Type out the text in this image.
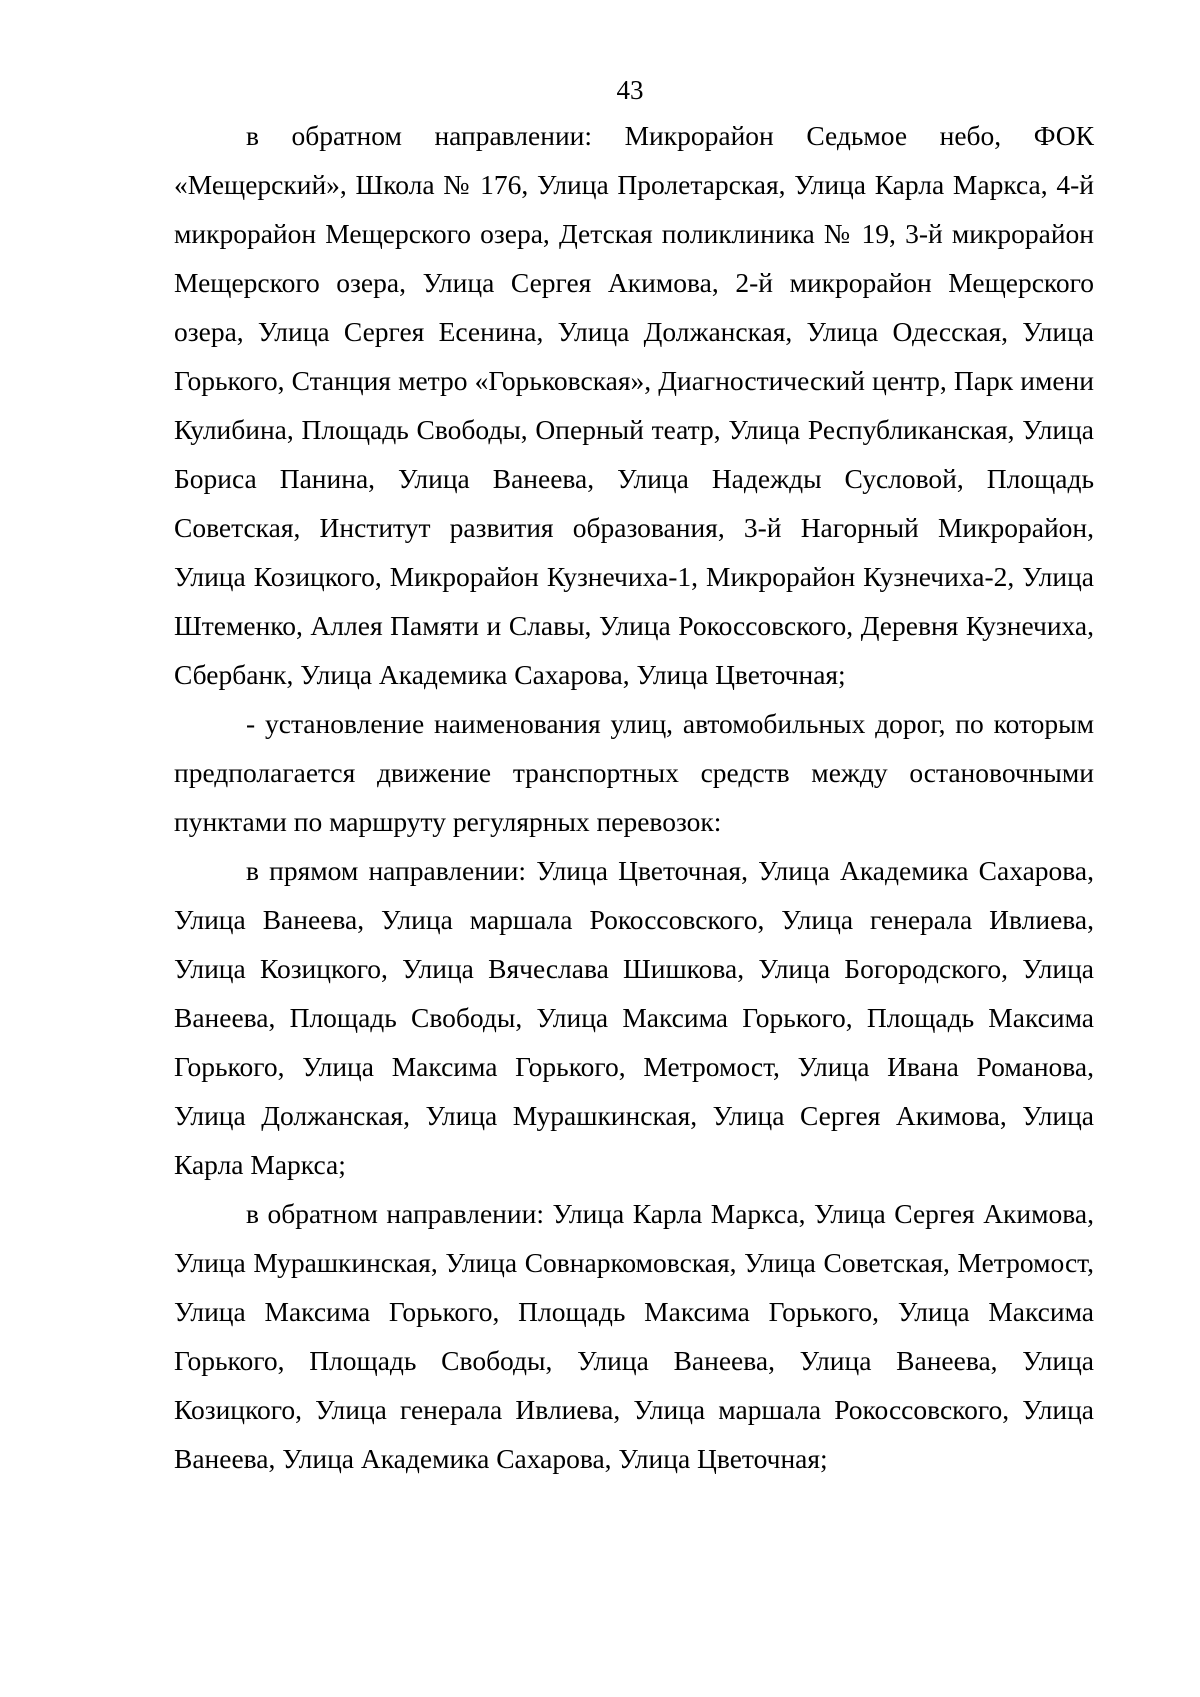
43

в обратном направлении: Микрорайон Седьмое небо, ФОК «Мещерский», Школа № 176, Улица Пролетарская, Улица Карла Маркса, 4-й микрорайон Мещерского озера, Детская поликлиника № 19, 3-й микрорайон Мещерского озера, Улица Сергея Акимова, 2-й микрорайон Мещерского озера, Улица Сергея Есенина, Улица Должанская, Улица Одесская, Улица Горького, Станция метро «Горьковская», Диагностический центр, Парк имени Кулибина, Площадь Свободы, Оперный театр, Улица Республиканская, Улица Бориса Панина, Улица Ванеева, Улица Надежды Сусловой, Площадь Советская, Институт развития образования, 3-й Нагорный Микрорайон, Улица Козицкого, Микрорайон Кузнечиха-1, Микрорайон Кузнечиха-2, Улица Штеменко, Аллея Памяти и Славы, Улица Рокоссовского, Деревня Кузнечиха, Сбербанк, Улица Академика Сахарова, Улица Цветочная;

- установление наименования улиц, автомобильных дорог, по которым предполагается движение транспортных средств между остановочными пунктами по маршруту регулярных перевозок:

в прямом направлении: Улица Цветочная, Улица Академика Сахарова, Улица Ванеева, Улица маршала Рокоссовского, Улица генерала Ивлиева, Улица Козицкого, Улица Вячеслава Шишкова, Улица Богородского, Улица Ванеева, Площадь Свободы, Улица Максима Горького, Площадь Максима Горького, Улица Максима Горького, Метромост, Улица Ивана Романова, Улица Должанская, Улица Мурашкинская, Улица Сергея Акимова, Улица Карла Маркса;

в обратном направлении: Улица Карла Маркса, Улица Сергея Акимова, Улица Мурашкинская, Улица Совнаркомовская, Улица Советская, Метромост, Улица Максима Горького, Площадь Максима Горького, Улица Максима Горького, Площадь Свободы, Улица Ванеева, Улица Ванеева, Улица Козицкого, Улица генерала Ивлиева, Улица маршала Рокоссовского, Улица Ванеева, Улица Академика Сахарова, Улица Цветочная;
